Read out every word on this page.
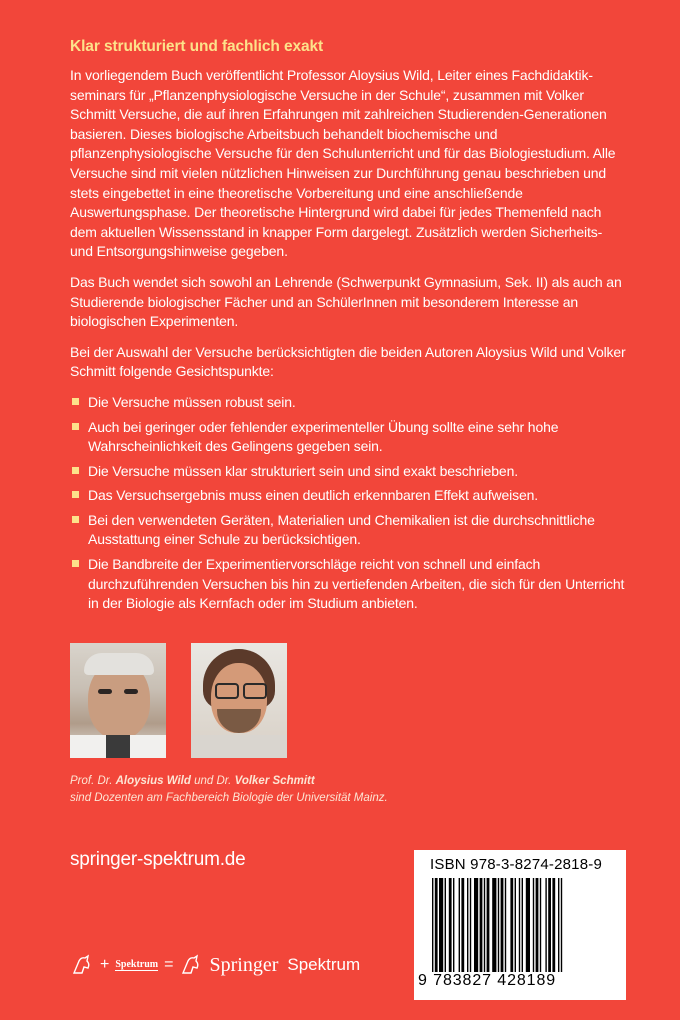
Klar strukturiert und fachlich exakt

In vorliegendem Buch veröffentlicht Professor Aloysius Wild, Leiter eines Fachdidaktik-seminars für „Pflanzenphysiologische Versuche in der Schule“, zusammen mit Volker Schmitt Versuche, die auf ihren Erfahrungen mit zahlreichen Studierenden-Generationen basieren. Dieses biologische Arbeitsbuch behandelt biochemische und pflanzenphysiologische Versuche für den Schulunterricht und für das Biologiestudium. Alle Versuche sind mit vielen nützlichen Hinweisen zur Durchführung genau beschrieben und stets eingebettet in eine theoretische Vorbereitung und eine anschließende Auswertungsphase. Der theoretische Hintergrund wird dabei für jedes Themenfeld nach dem aktuellen Wissensstand in knapper Form dargelegt. Zusätzlich werden Sicherheits- und Entsorgungshinweise gegeben.

Das Buch wendet sich sowohl an Lehrende (Schwerpunkt Gymnasium, Sek. II) als auch an Studierende biologischer Fächer und an SchülerInnen mit besonderem Interesse an biologischen Experimenten.

Bei der Auswahl der Versuche berücksichtigten die beiden Autoren Aloysius Wild und Volker Schmitt folgende Gesichtspunkte:

Die Versuche müssen robust sein.
Auch bei geringer oder fehlender experimenteller Übung sollte eine sehr hohe Wahrscheinlichkeit des Gelingens gegeben sein.
Die Versuche müssen klar strukturiert sein und sind exakt beschrieben.
Das Versuchsergebnis muss einen deutlich erkennbaren Effekt aufweisen.
Bei den verwendeten Geräten, Materialien und Chemikalien ist die durchschnittliche Ausstattung einer Schule zu berücksichtigen.
Die Bandbreite der Experimentiervorschläge reicht von schnell und einfach durchzuführenden Versuchen bis hin zu vertiefenden Arbeiten, die sich für den Unterricht in der Biologie als Kernfach oder im Studium anbieten.
Prof. Dr. Aloysius Wild und Dr. Volker Schmitt
sind Dozenten am Fachbereich Biologie der Universität Mainz.
springer-spektrum.de
+ Spektrum = Springer Spektrum
ISBN 978-3-8274-2818-9
9 783827 428189
